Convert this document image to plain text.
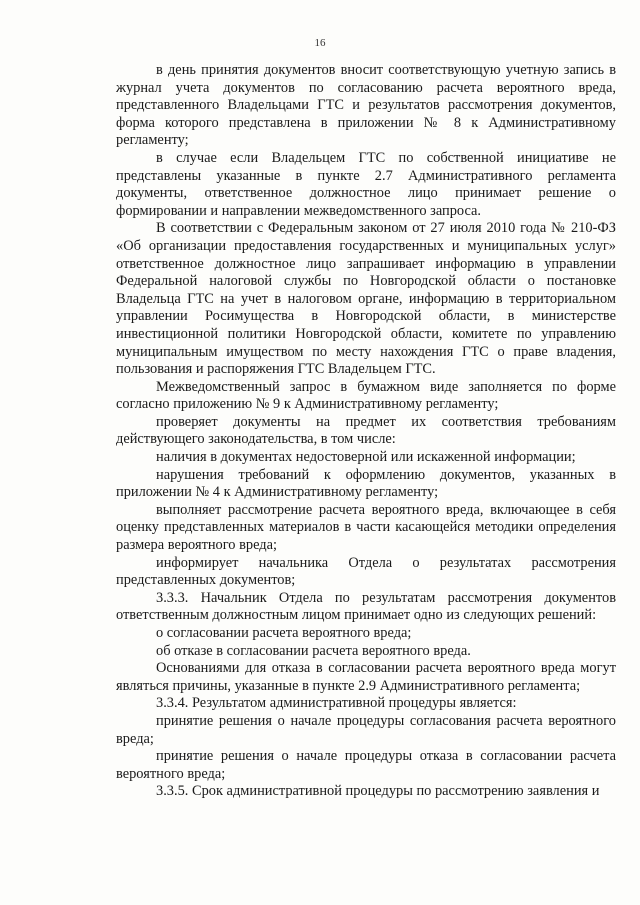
16

в день принятия документов вносит соответствующую учетную запись в журнал учета документов по согласованию расчета вероятного вреда, представленного Владельцами ГТС и результатов рассмотрения документов, форма которого представлена в приложении № 8 к Административному регламенту;

в случае если Владельцем ГТС по собственной инициативе не представлены указанные в пункте 2.7 Административного регламента документы, ответственное должностное лицо принимает решение о формировании и направлении межведомственного запроса.

В соответствии с Федеральным законом от 27 июля 2010 года № 210-ФЗ «Об организации предоставления государственных и муниципальных услуг» ответственное должностное лицо запрашивает информацию в управлении Федеральной налоговой службы по Новгородской области о постановке Владельца ГТС на учет в налоговом органе, информацию в территориальном управлении Росимущества в Новгородской области, в министерстве инвестиционной политики Новгородской области, комитете по управлению муниципальным имуществом по месту нахождения ГТС о праве владения, пользования и распоряжения ГТС Владельцем ГТС.

Межведомственный запрос в бумажном виде заполняется по форме согласно приложению № 9 к Административному регламенту;

проверяет документы на предмет их соответствия требованиям действующего законодательства, в том числе:

наличия в документах недостоверной или искаженной информации;

нарушения требований к оформлению документов, указанных в приложении № 4 к Административному регламенту;

выполняет рассмотрение расчета вероятного вреда, включающее в себя оценку представленных материалов в части касающейся методики определения размера вероятного вреда;

информирует начальника Отдела о результатах рассмотрения представленных документов;

3.3.3. Начальник Отдела по результатам рассмотрения документов ответственным должностным лицом принимает одно из следующих решений:

о согласовании расчета вероятного вреда;

об отказе в согласовании расчета вероятного вреда.

Основаниями для отказа в согласовании расчета вероятного вреда могут являться причины, указанные в пункте 2.9 Административного регламента;

3.3.4. Результатом административной процедуры является:

принятие решения о начале процедуры согласования расчета вероятного вреда;

принятие решения о начале процедуры отказа в согласовании расчета вероятного вреда;

3.3.5. Срок административной процедуры по рассмотрению заявления и
